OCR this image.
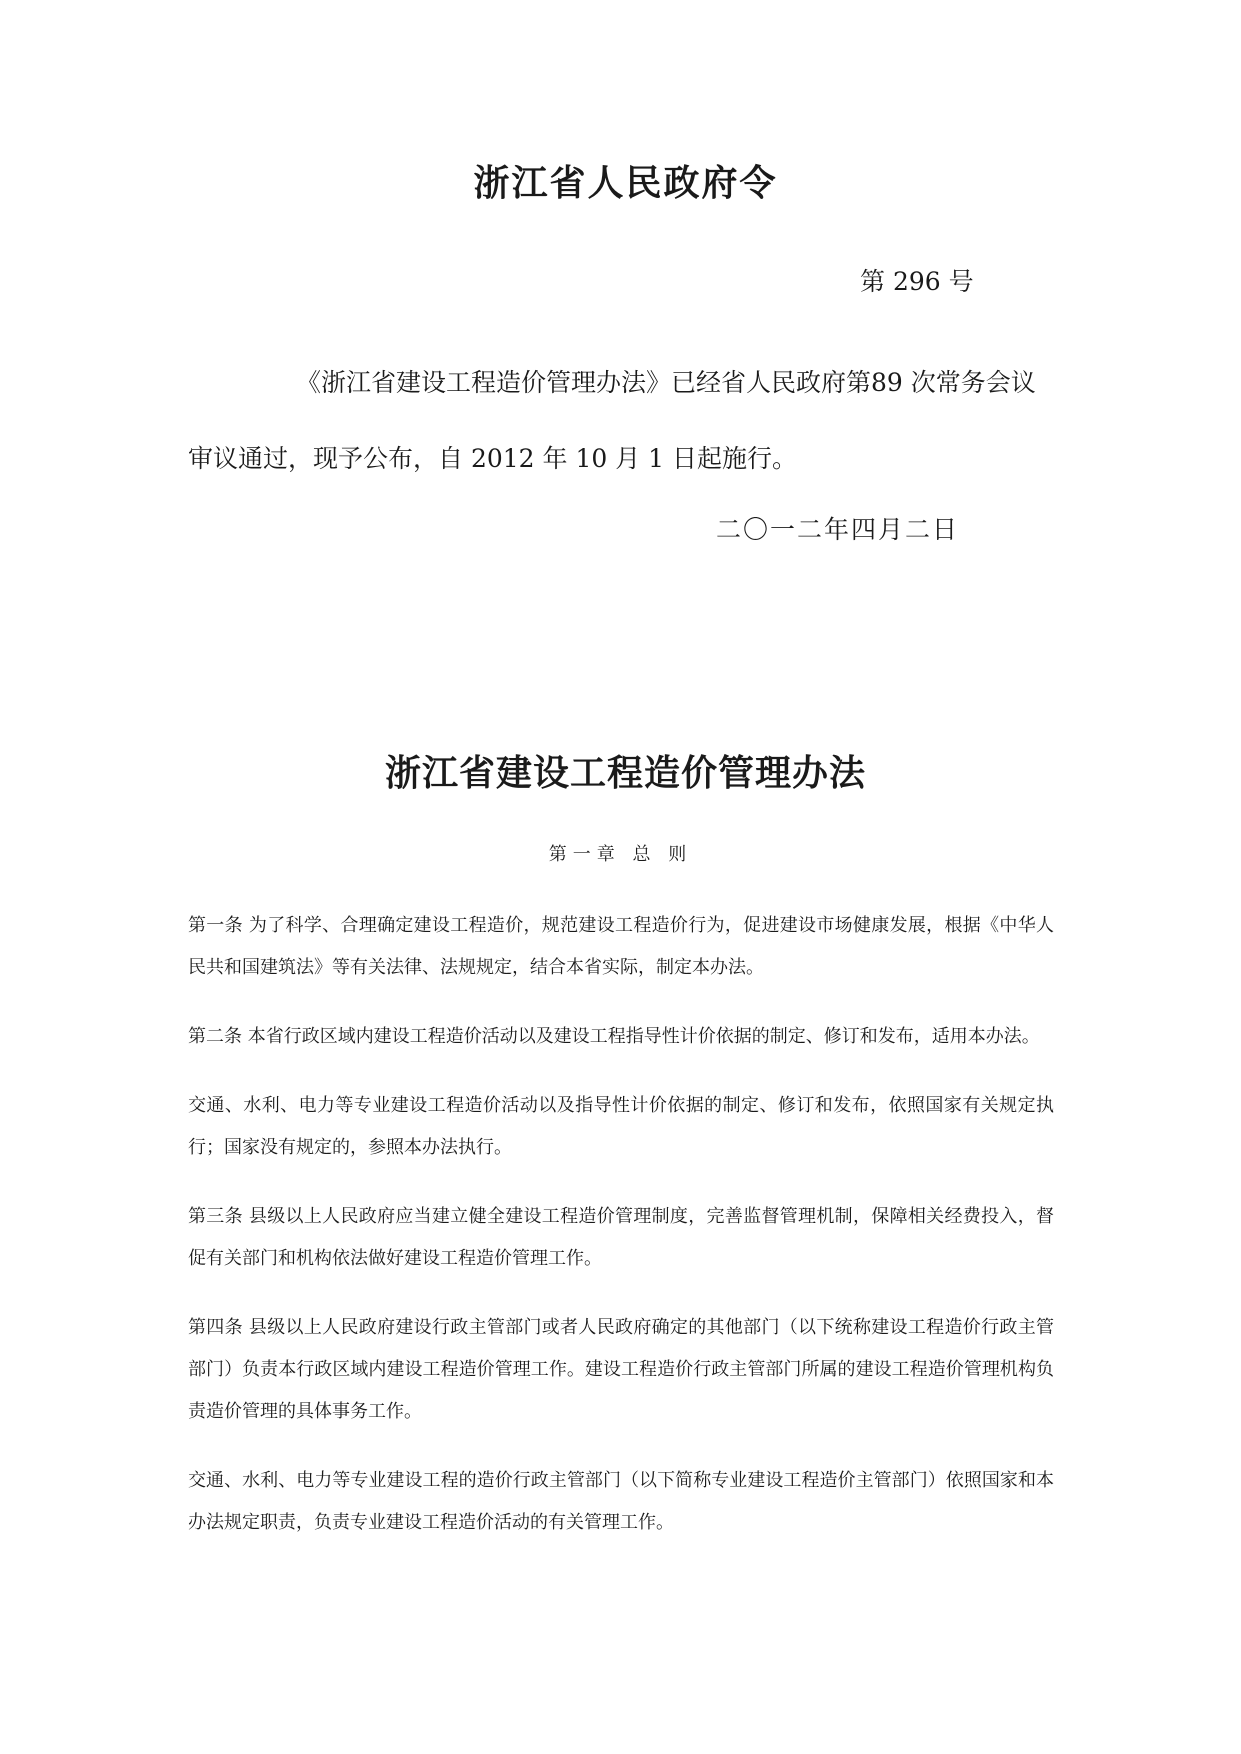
浙江省人民政府令
第 296 号
《浙江省建设工程造价管理办法》已经省人民政府第89 次常务会议审议通过，现予公布，自 2012 年 10 月 1 日起施行。
二〇一二年四月二日
浙江省建设工程造价管理办法
第一章 总 则

第一条 为了科学、合理确定建设工程造价，规范建设工程造价行为，促进建设市场健康发展，根据《中华人民共和国建筑法》等有关法律、法规规定，结合本省实际，制定本办法。

第二条 本省行政区域内建设工程造价活动以及建设工程指导性计价依据的制定、修订和发布，适用本办法。

交通、水利、电力等专业建设工程造价活动以及指导性计价依据的制定、修订和发布，依照国家有关规定执行；国家没有规定的，参照本办法执行。

第三条 县级以上人民政府应当建立健全建设工程造价管理制度，完善监督管理机制，保障相关经费投入，督促有关部门和机构依法做好建设工程造价管理工作。

第四条 县级以上人民政府建设行政主管部门或者人民政府确定的其他部门（以下统称建设工程造价行政主管部门）负责本行政区域内建设工程造价管理工作。建设工程造价行政主管部门所属的建设工程造价管理机构负责造价管理的具体事务工作。

交通、水利、电力等专业建设工程的造价行政主管部门（以下简称专业建设工程造价主管部门）依照国家和本办法规定职责，负责专业建设工程造价活动的有关管理工作。
